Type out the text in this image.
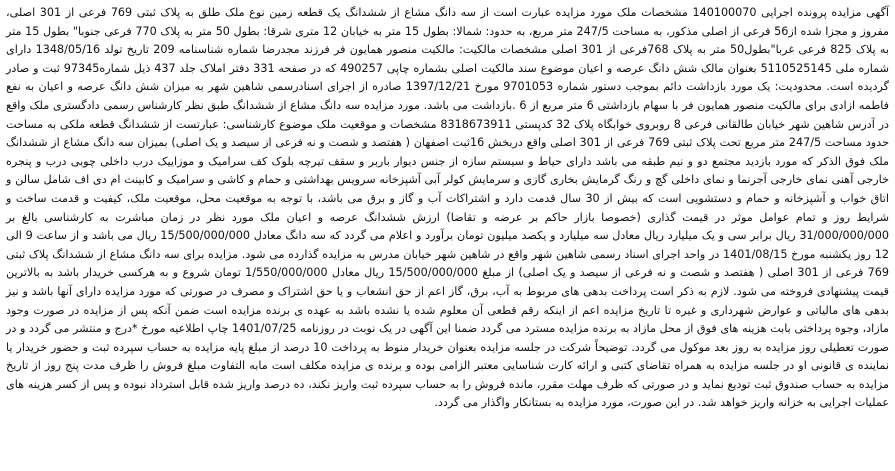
آگهی مزایده پرونده اجرایی 140100070 مشخصات ملک مورد مزایده عبارت است از سه دانگ مشاع از ششدانگ یک قطعه زمین نوع ملک طلق به پلاک ثبتی 769 فرعی از 301 اصلی، مفروز و مجزا شده از56 فرعی از اصلی مذکور، به مساحت 247/5 متر مربع، به حدود: شمالا: بطول 15 متر به خیابان 12 متری شرقا: بطول 50 متر به پلاک 770 فرعی جنوبا" بطول 15 متر به پلاک 825 فرعی غربا"بطول50 متر به پلاک 768فرعی از 301 اصلی مشخصات مالکیت: مالکیت منصور همایون فر فرزند مجدرضا شماره شناسنامه 209 تاریخ تولد 1348/05/16 دارای شماره ملی 5110525145 بعنوان مالک شش دانگ عرصه و اعیان موضوع سند مالکیت اصلی بشماره چاپی 490257 که در صفحه 331 دفتر املاک جلد 437 ذیل شماره97345 ثبت و صادر گردیده است. محدودیت: یک مورد بازداشت دائم بموجب دستور شماره 9701053 مورخ 1397/12/21 صادره از اجرای اسنادرسمی شاهین شهر به میزان شش دانگ عرصه و اعیان به نفع فاطمه ازادی برای مالکیت منصور همایون فر با سهام بازداشتی 6 متر مربع از 6 .بازداشت می باشد. مورد مزایده سه دانگ مشاع از ششدانگ طبق نظر کارشناس رسمی دادگستری ملک واقع در آدرس شاهین شهر خیابان طالقانی فرعی 8 روبروی خوابگاه پلاک 32 کدپستی 8318673911 مشخصات و موقعیت ملک موضوع کارشناسی: عبارتست از ششدانگ قطعه ملکی به مساحت حدود مساحت 247/5 متر مربع تحت پلاک ثبتی 769 فرعی از 301 اصلی واقع دربخش 16ثبت اصفهان ( هفتصد و شصت و نه فرعی از سیصد و یک اصلی) بمیزان سه دانگ مشاع از ششدانگ ملک فوق الذکر که مورد بازدید مجتمع دو و نیم طبقه می باشد دارای حیاط و سیستم سازه از جنس دیوار باربر و سقف تیرچه بلوک کف سرامیک و موزاییک درب داخلی چوبی درب و پنجره خارجی آهنی نمای خارجی آجرنما و نمای داخلی گچ و رنگ گرمایش بخاری گازی و سرمایش کولر آبی آشپزخانه سرویس بهداشتی و حمام و کاشی و سرامیک و کابینت ام دی اف شامل سالن و اتاق خواب و آشپزخانه و حمام و دستشویی است که بیش از 30 سال قدمت دارد و اشتراکات آب و گاز و برق می باشد، با توجه به موقعیت محل، موقعیت ملک، کیفیت و قدمت ساخت و شرایط روز و تمام عوامل موثر در قیمت گذاری (خصوصا بازار حاکم بر عرضه و تقاضا) ارزش ششدانگ عرصه و اعیان ملک مورد نظر در زمان مباشرت به کارشناسی بالغ بر 31/000/000/000 ریال برابر سی و یک میلیارد ریال معادل سه میلیارد و یکصد میلیون تومان برآورد و اعلام می گردد که سه دانگ معادل 15/500/000/000 ریال می باشد و از ساعت 9 الی 12 روز یکشنبه مورخ 1401/08/15 در واحد اجرای اسناد رسمی شاهین شهر واقع در شاهین شهر خیابان مدرس به مزایده گذارده می شود. مزایده برای سه دانگ مشاع از ششدانگ پلاک ثبتی 769 فرعی از 301 اصلی ( هفتصد و شصت و نه فرعی از سیصد و یک اصلی) از مبلغ 15/500/000/000 ریال معادل 1/550/000/000 تومان شروع و به هرکسی خریدار باشد به بالاترین قیمت پیشنهادی فروخته می شود. لازم به ذکر است پرداخت بدهی های مربوط به آب، برق، گاز اعم از حق انشعاب و یا حق اشتراک و مصرف در صورتی که مورد مزایده دارای آنها باشد و نیز بدهی های مالیاتی و عوارض شهرداری و غیره تا تاریخ مزایده اعم از اینکه رقم قطعی آن معلوم شده یا نشده باشد به عهده ی برنده مزایده است ضمن آنکه پس از مزایده در صورت وجود مازاد، وجوه پرداختی بابت هزینه های فوق از محل مازاد به برنده مزایده مسترد می گردد ضمنا این آگهی در یک نوبت در روزنامه 1401/07/25 چاپ اطلاعیه مورخ *درج و منتشر می گردد و در صورت تعطیلی روز مزایده به روز بعد موکول می گردد. توضیحاً شرکت در جلسه مزایده بعنوان خریدار منوط به پرداخت 10 درصد از مبلغ پایه مزایده به حساب سپرده ثبت و حضور خریدار یا نماینده ی قانونی او در جلسه مزایده به همراه تقاضای کتبی و ارائه کارت شناسایی معتبر الزامی بوده و برنده ی مزایده مکلف است مابه التفاوت مبلغ فروش را ظرف مدت پنج روز از تاریخ مزایده به حساب صندوق ثبت تودیع نماید و در صورتی که ظرف مهلت مقرر، مانده فروش را به حساب سپرده ثبت واریز نکند، ده درصد واریز شده قابل استرداد نبوده و پس از کسر هزینه های عملیات اجرایی به خزانه واریز خواهد شد. در این صورت، مورد مزایده به بستانکار واگذار می گردد.
